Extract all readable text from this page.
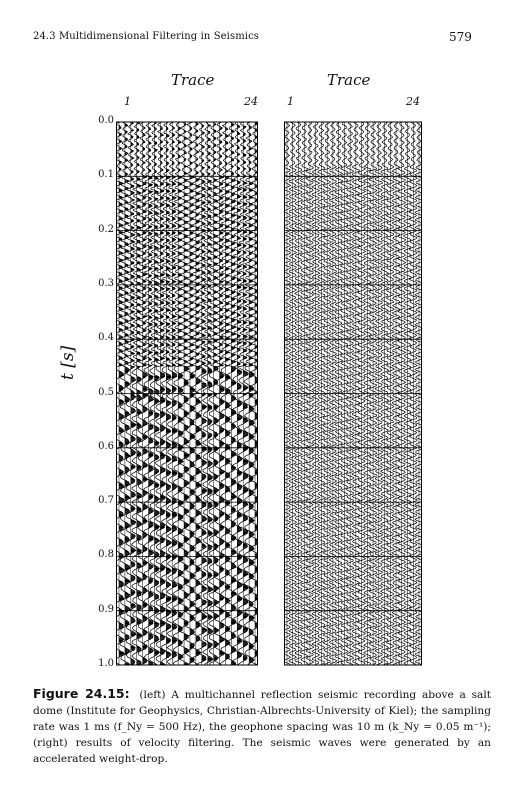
24.3 Multidimensional Filtering in Seismics	579
Trace	Trace
1	24	1	24
t [s]
0.0
0.1
0.2
0.3
0.4
0.5
0.6
0.7
0.8
0.9
1.0
Figure 24.15: (left) A multichannel reflection seismic recording above a salt dome (Institute for Geophysics, Christian-Albrechts-University of Kiel); the sampling rate was 1 ms (f_Ny = 500 Hz), the geophone spacing was 10 m (k_Ny = 0.05 m⁻¹); (right) results of velocity filtering. The seismic waves were generated by an accelerated weight-drop.
